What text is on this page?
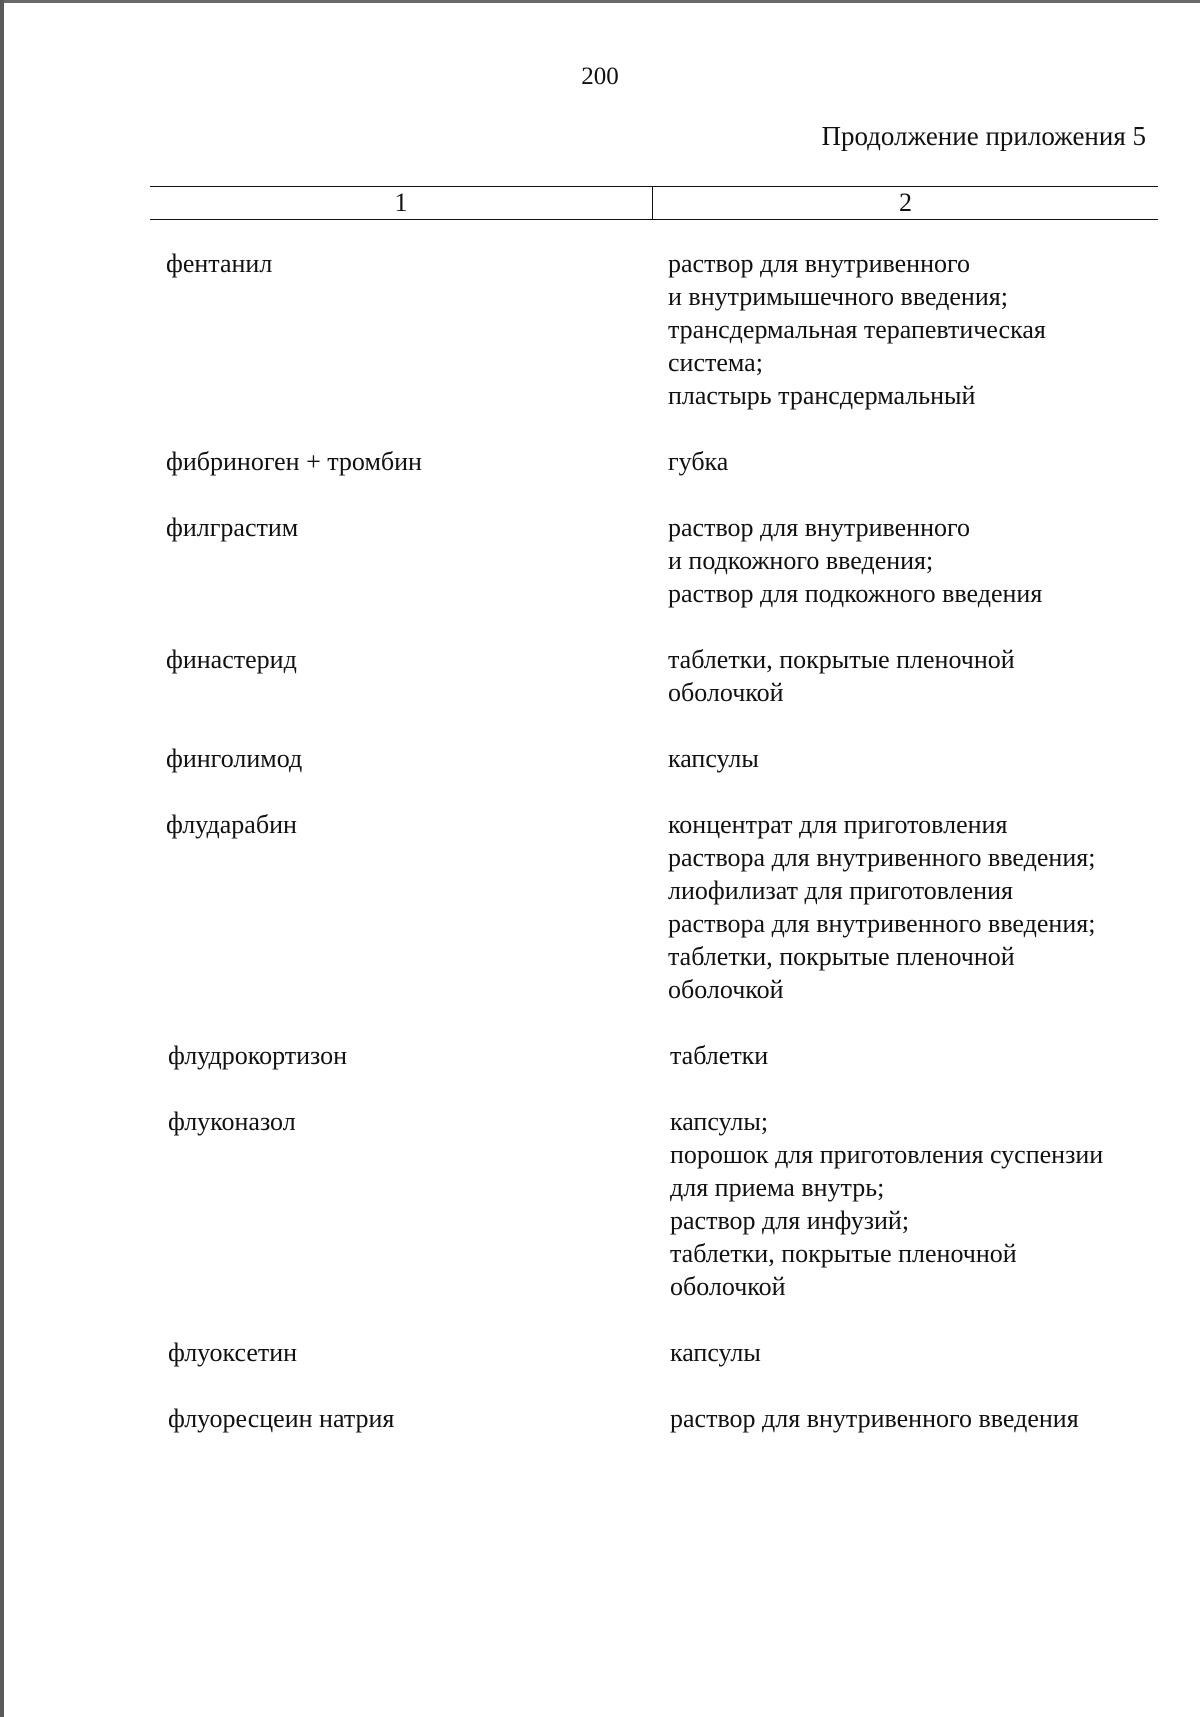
200
Продолжение приложения 5
1	2
фентанил	раствор для внутривенного
и внутримышечного введения;
трансдермальная терапевтическая
система;
пластырь трансдермальный
фибриноген + тромбин	губка
филграстим	раствор для внутривенного
и подкожного введения;
раствор для подкожного введения
финастерид	таблетки, покрытые пленочной
оболочкой
финголимод	капсулы
флударабин	концентрат для приготовления
раствора для внутривенного введения;
лиофилизат для приготовления
раствора для внутривенного введения;
таблетки, покрытые пленочной
оболочкой
флудрокортизон	таблетки
флуконазол	капсулы;
порошок для приготовления суспензии
для приема внутрь;
раствор для инфузий;
таблетки, покрытые пленочной
оболочкой
флуоксетин	капсулы
флуоресцеин натрия	раствор для внутривенного введения
